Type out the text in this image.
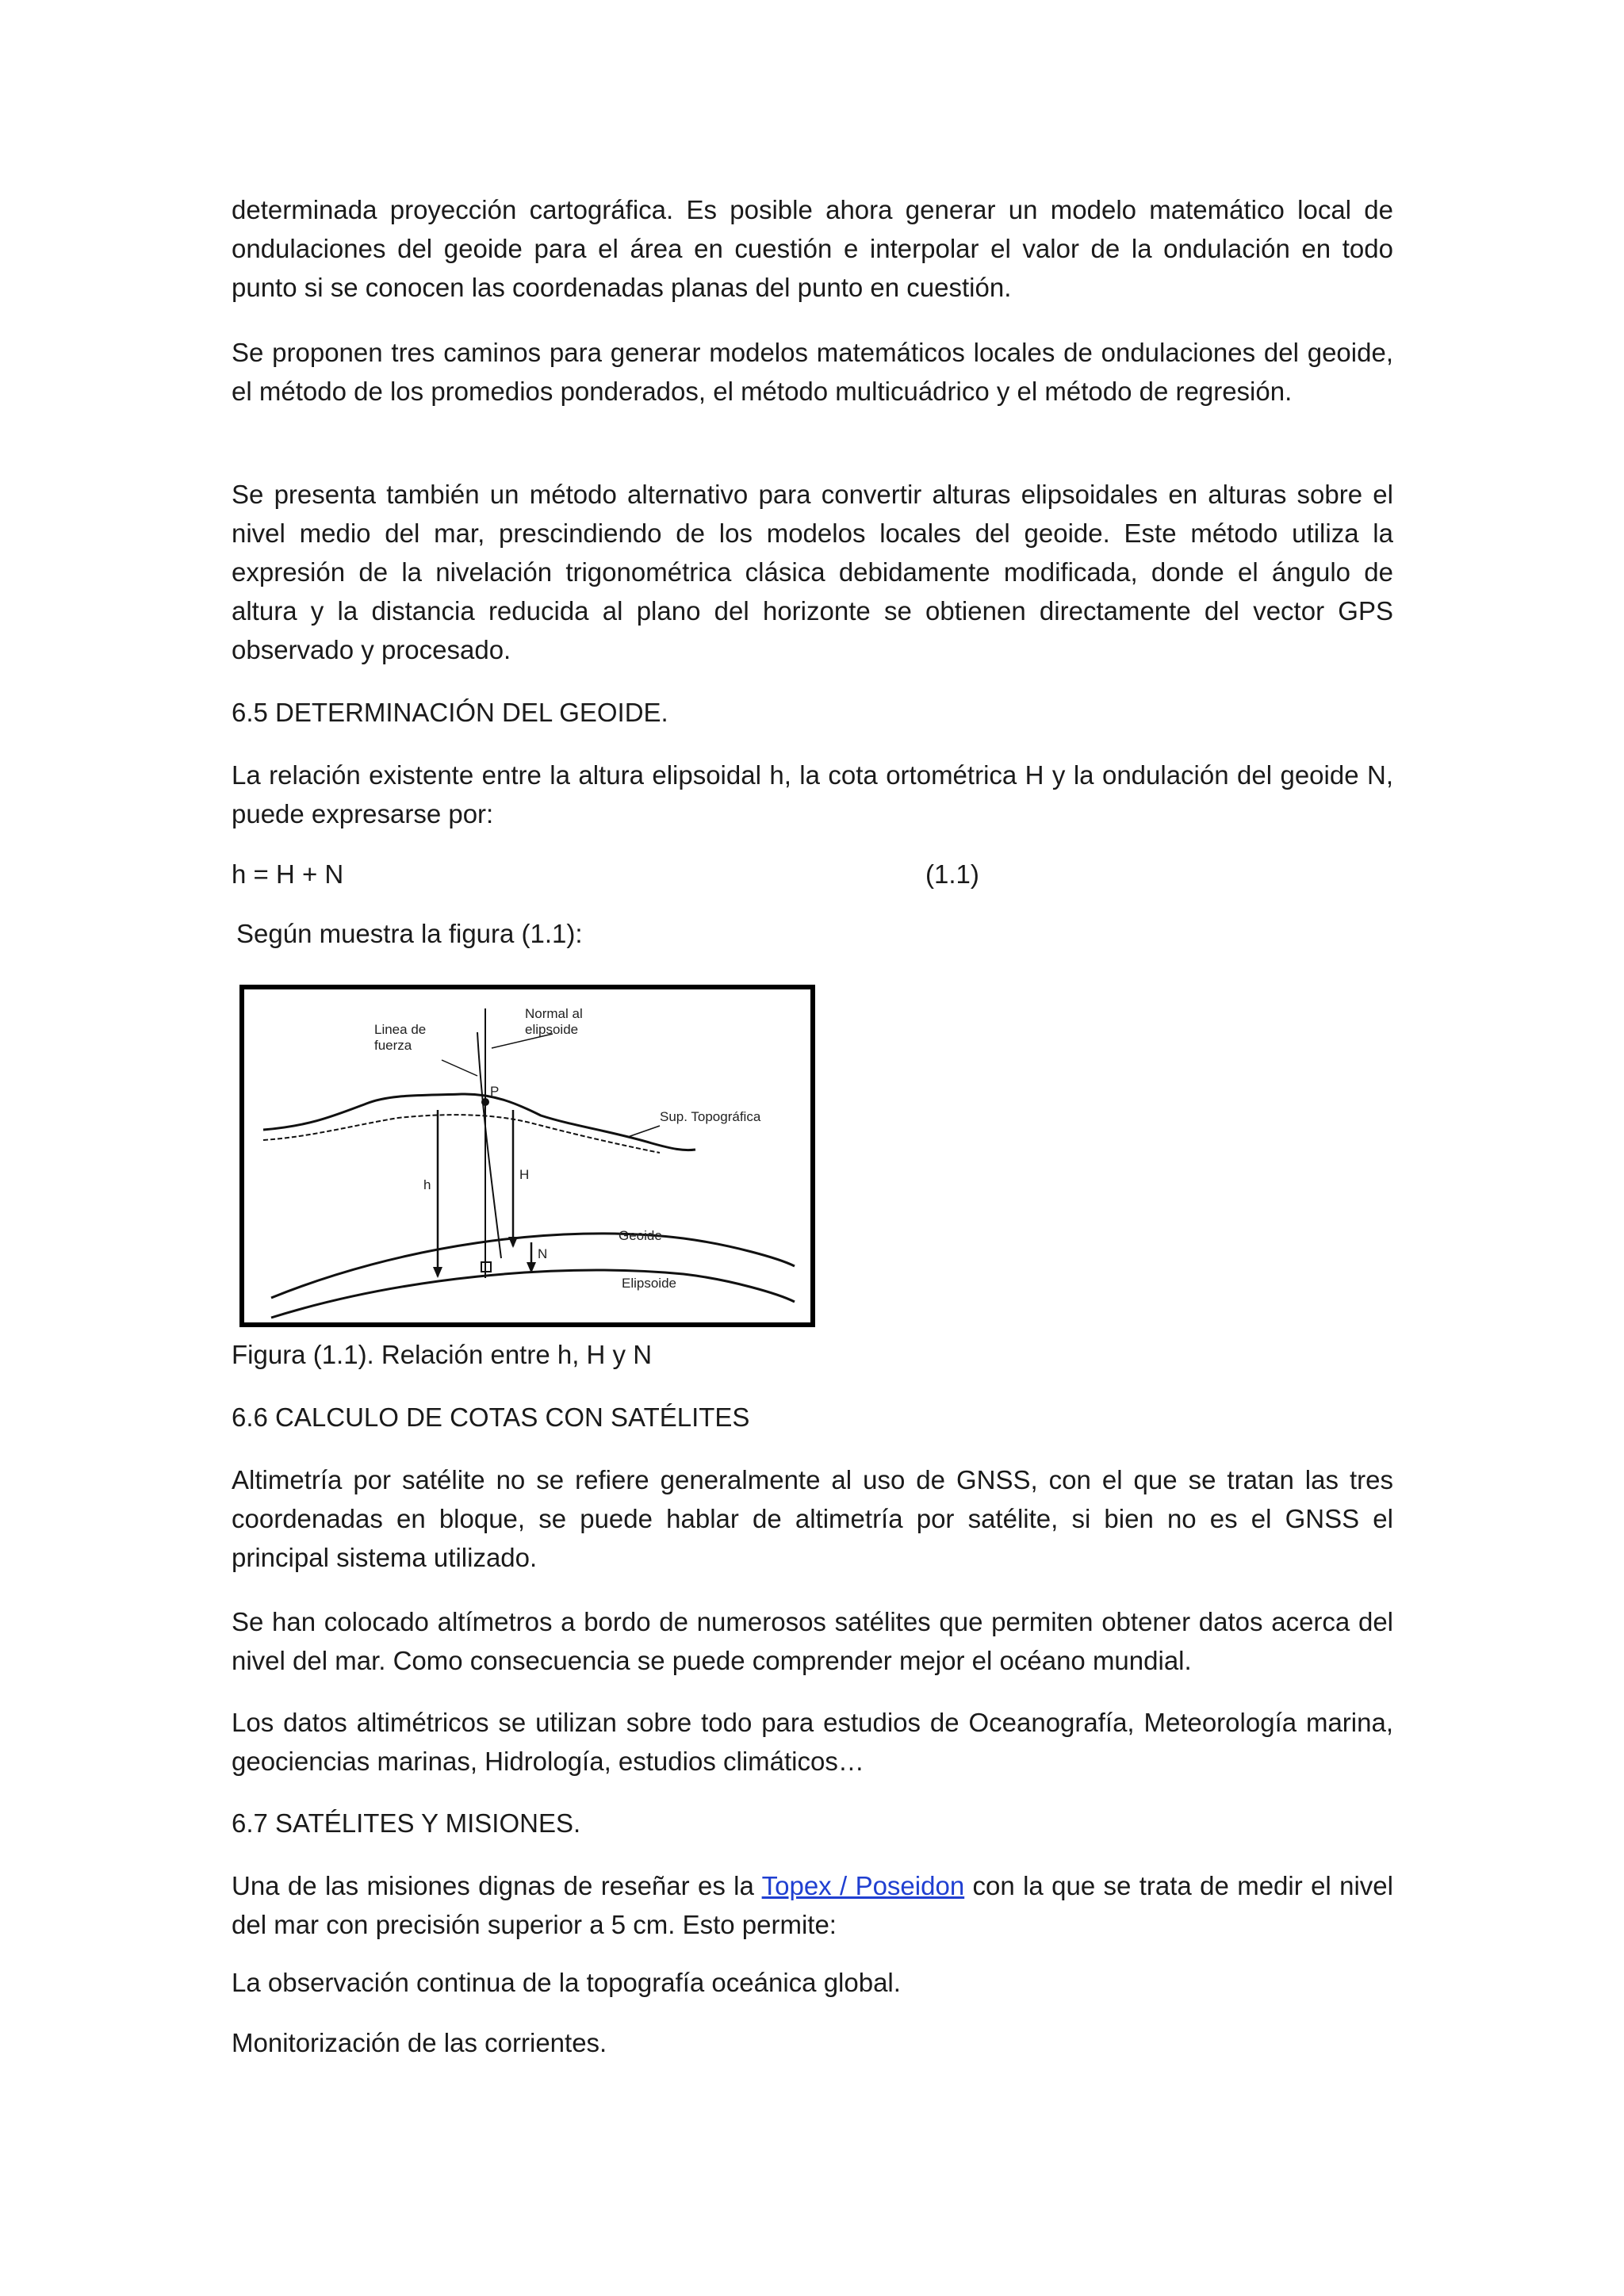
determinada proyección cartográfica. Es posible ahora generar un modelo matemático local de ondulaciones del geoide para el área en cuestión e interpolar el valor de la ondulación en todo punto si se conocen las coordenadas planas del punto en cuestión.

Se proponen tres caminos para generar modelos matemáticos locales de ondulaciones del geoide, el método de los promedios ponderados, el método multicuádrico y el método de regresión.

Se presenta también un método alternativo para convertir alturas elipsoidales en alturas sobre el nivel medio del mar, prescindiendo de los modelos locales del geoide. Este método utiliza la expresión de la nivelación trigonométrica clásica debidamente modificada, donde el ángulo de altura y la distancia reducida al plano del horizonte se obtienen directamente del vector GPS observado y procesado.

6.5 DETERMINACIÓN DEL GEOIDE.

La relación existente entre la altura elipsoidal h, la cota ortométrica H y la ondulación del geoide N, puede expresarse por:

h = H + N	(1.1)

Según muestra la figura (1.1):

Linea de
fuerza
Normal al
elipsoide
P
Sup. Topográfica
h
H
N
Geoide
Elipsoide

Figura (1.1). Relación entre h, H y N

6.6 CALCULO DE COTAS CON SATÉLITES

Altimetría por satélite no se refiere generalmente al uso de GNSS, con el que se tratan las tres coordenadas en bloque, se puede hablar de altimetría por satélite, si bien no es el GNSS el principal sistema utilizado.

Se han colocado altímetros a bordo de numerosos satélites que permiten obtener datos acerca del nivel del mar. Como consecuencia se puede comprender mejor el océano mundial.

Los datos altimétricos se utilizan sobre todo para estudios de Oceanografía, Meteorología marina, geociencias marinas, Hidrología, estudios climáticos…

6.7 SATÉLITES Y MISIONES.

Una de las misiones dignas de reseñar es la Topex / Poseidon con la que se trata de medir el nivel del mar con precisión superior a 5 cm. Esto permite:

La observación continua de la topografía oceánica global.

Monitorización de las corrientes.
